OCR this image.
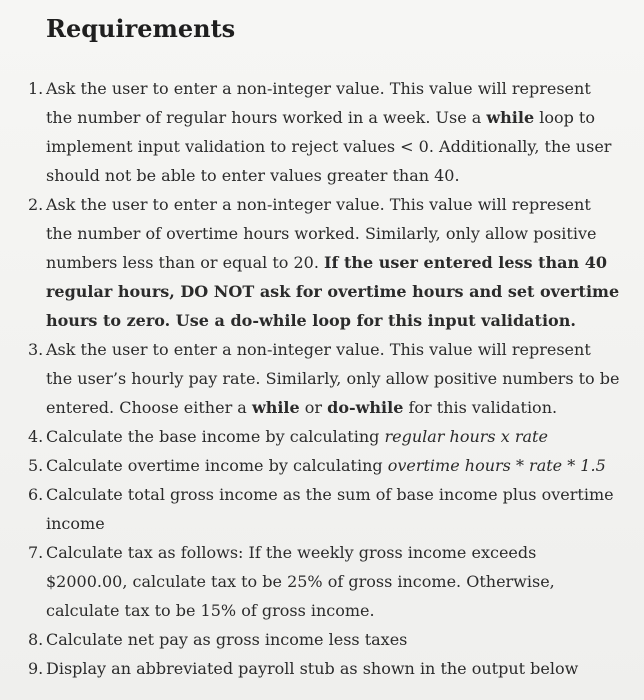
Requirements
1. Ask the user to enter a non-integer value. This value will represent the number of regular hours worked in a week. Use a while loop to implement input validation to reject values < 0. Additionally, the user should not be able to enter values greater than 40.
2. Ask the user to enter a non-integer value. This value will represent the number of overtime hours worked. Similarly, only allow positive numbers less than or equal to 20. If the user entered less than 40 regular hours, DO NOT ask for overtime hours and set overtime hours to zero. Use a do-while loop for this input validation.
3. Ask the user to enter a non-integer value. This value will represent the user’s hourly pay rate. Similarly, only allow positive numbers to be entered. Choose either a while or do-while for this validation.
4. Calculate the base income by calculating regular hours x rate
5. Calculate overtime income by calculating overtime hours * rate * 1.5
6. Calculate total gross income as the sum of base income plus overtime income
7. Calculate tax as follows: If the weekly gross income exceeds $2000.00, calculate tax to be 25% of gross income. Otherwise, calculate tax to be 15% of gross income.
8. Calculate net pay as gross income less taxes
9. Display an abbreviated payroll stub as shown in the output below
